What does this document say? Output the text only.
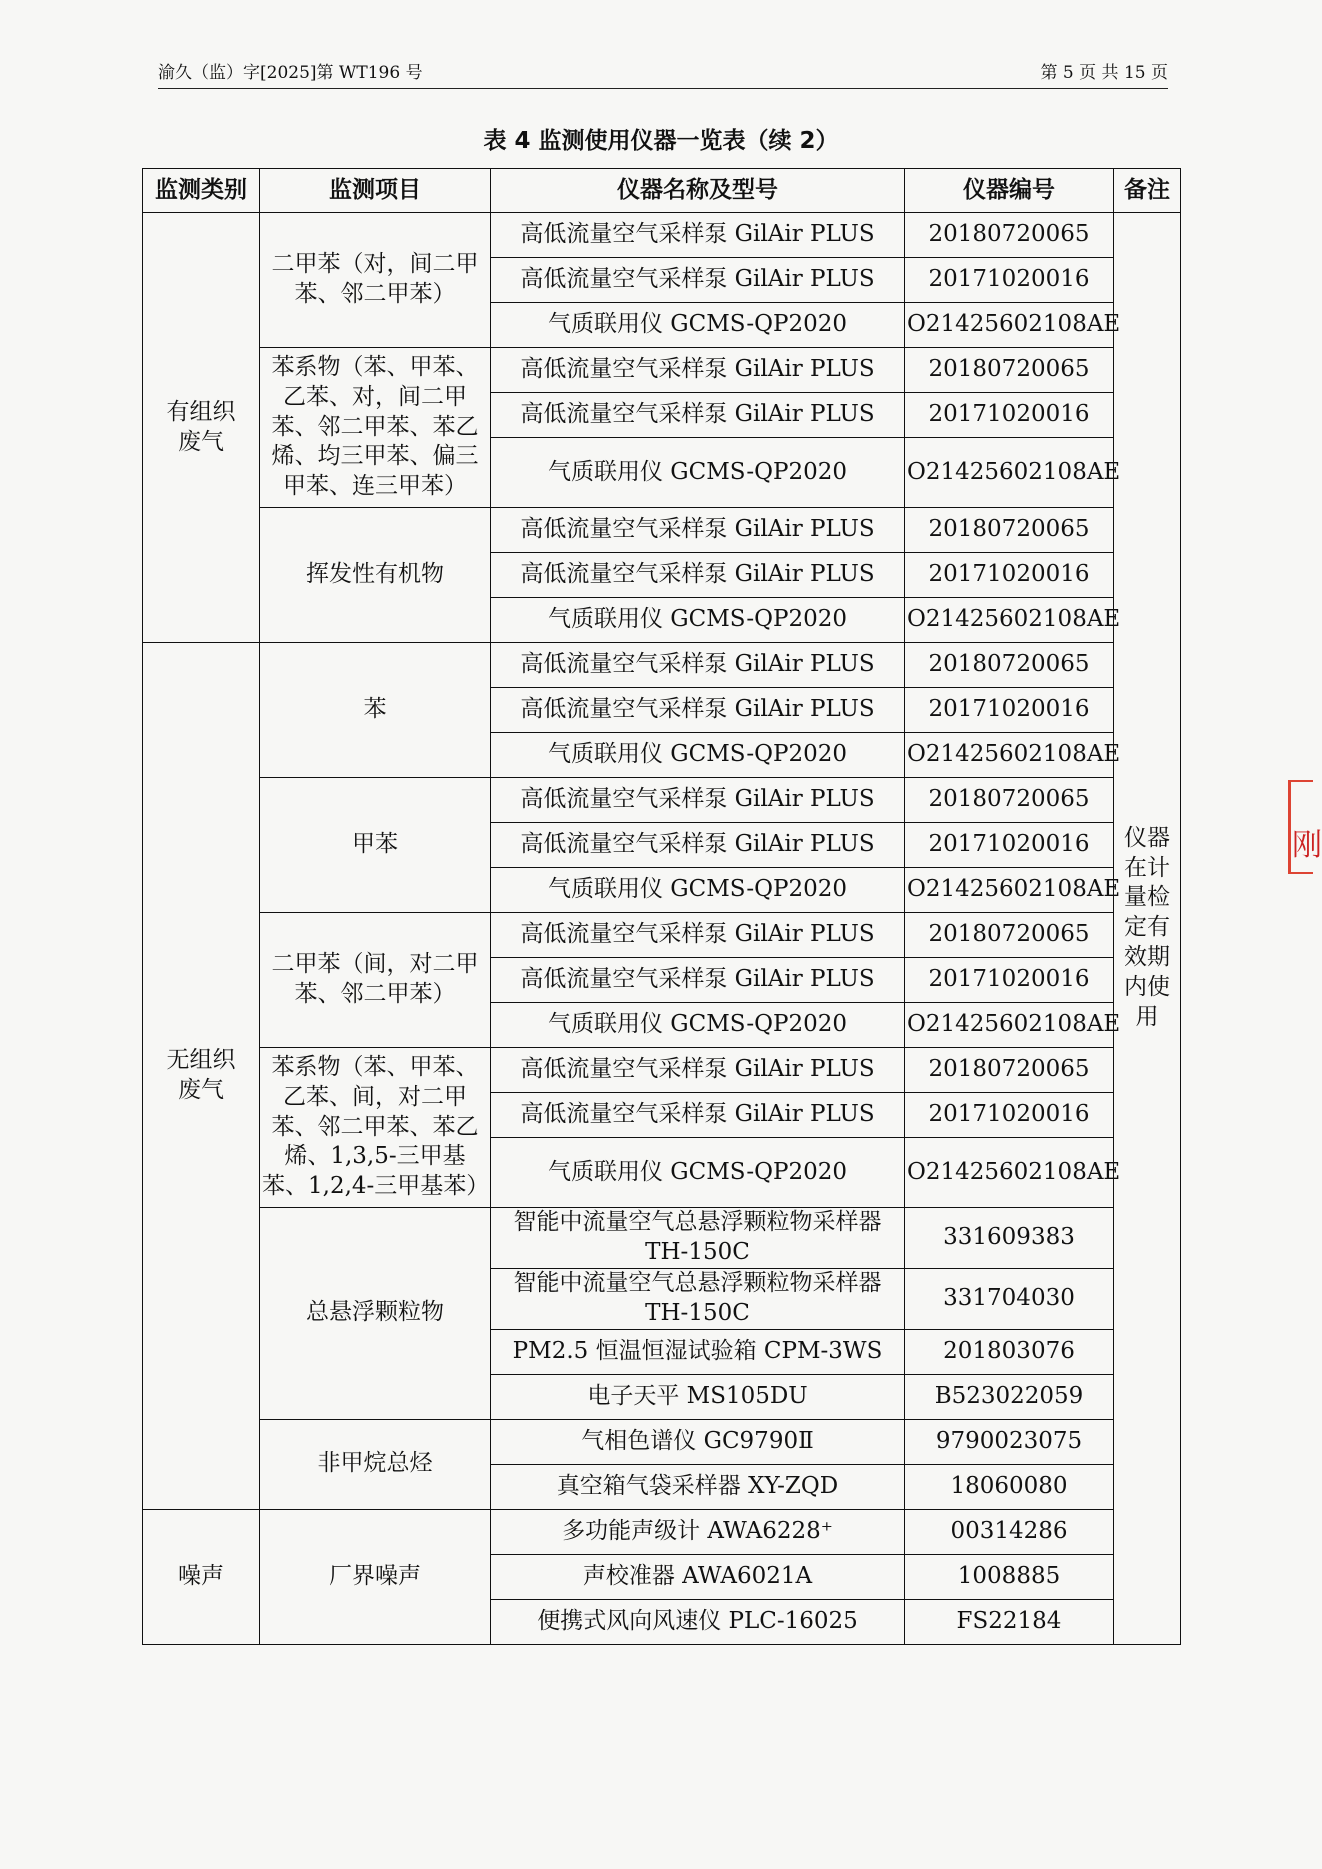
渝久（监）字[2025]第 WT196 号	第 5 页 共 15 页
表 4 监测使用仪器一览表（续 2）
监测类别	监测项目	仪器名称及型号	仪器编号	备注
有组织废气	二甲苯（对，间二甲苯、邻二甲苯）	高低流量空气采样泵 GilAir PLUS	20180720065	仪器在计量检定有效期内使用
		高低流量空气采样泵 GilAir PLUS	20171020016	
		气质联用仪 GCMS-QP2020	O21425602108AE	
	苯系物（苯、甲苯、乙苯、对，间二甲苯、邻二甲苯、苯乙烯、均三甲苯、偏三甲苯、连三甲苯）	高低流量空气采样泵 GilAir PLUS	20180720065	
		高低流量空气采样泵 GilAir PLUS	20171020016	
		气质联用仪 GCMS-QP2020	O21425602108AE	
	挥发性有机物	高低流量空气采样泵 GilAir PLUS	20180720065	
		高低流量空气采样泵 GilAir PLUS	20171020016	
		气质联用仪 GCMS-QP2020	O21425602108AE	
无组织废气	苯	高低流量空气采样泵 GilAir PLUS	20180720065	
		高低流量空气采样泵 GilAir PLUS	20171020016	
		气质联用仪 GCMS-QP2020	O21425602108AE	
	甲苯	高低流量空气采样泵 GilAir PLUS	20180720065	
		高低流量空气采样泵 GilAir PLUS	20171020016	
		气质联用仪 GCMS-QP2020	O21425602108AE	
	二甲苯（间，对二甲苯、邻二甲苯）	高低流量空气采样泵 GilAir PLUS	20180720065	
		高低流量空气采样泵 GilAir PLUS	20171020016	
		气质联用仪 GCMS-QP2020	O21425602108AE	
	苯系物（苯、甲苯、乙苯、间，对二甲苯、邻二甲苯、苯乙烯、1,3,5-三甲基苯、1,2,4-三甲基苯）	高低流量空气采样泵 GilAir PLUS	20180720065	
		高低流量空气采样泵 GilAir PLUS	20171020016	
		气质联用仪 GCMS-QP2020	O21425602108AE	
	总悬浮颗粒物	智能中流量空气总悬浮颗粒物采样器 TH-150C	331609383	
		智能中流量空气总悬浮颗粒物采样器 TH-150C	331704030	
		PM2.5 恒温恒湿试验箱 CPM-3WS	201803076	
		电子天平 MS105DU	B523022059	
	非甲烷总烃	气相色谱仪 GC9790Ⅱ	9790023075	
		真空箱气袋采样器 XY-ZQD	18060080	
噪声	厂界噪声	多功能声级计 AWA6228⁺	00314286	
		声校准器 AWA6021A	1008885	
		便携式风向风速仪 PLC-16025	FS22184	
刚
